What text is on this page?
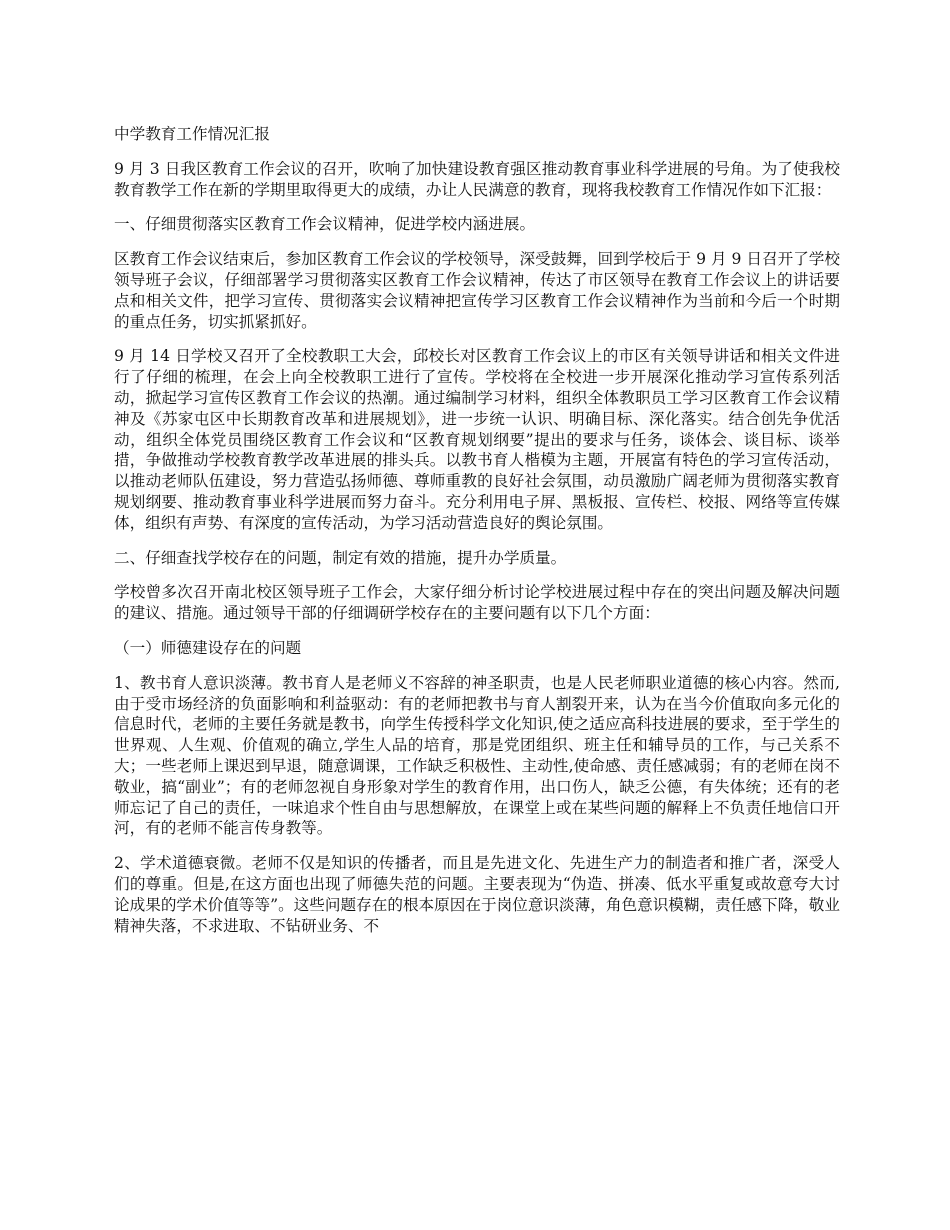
中学教育工作情况汇报

9 月 3 日我区教育工作会议的召开，吹响了加快建设教育强区推动教育事业科学进展的号角。为了使我校教育教学工作在新的学期里取得更大的成绩，办让人民满意的教育，现将我校教育工作情况作如下汇报：

一、仔细贯彻落实区教育工作会议精神，促进学校内涵进展。

区教育工作会议结束后，参加区教育工作会议的学校领导，深受鼓舞，回到学校后于 9 月 9 日召开了学校领导班子会议，仔细部署学习贯彻落实区教育工作会议精神，传达了市区领导在教育工作会议上的讲话要点和相关文件，把学习宣传、贯彻落实会议精神把宣传学习区教育工作会议精神作为当前和今后一个时期的重点任务，切实抓紧抓好。

9 月 14 日学校又召开了全校教职工大会，邱校长对区教育工作会议上的市区有关领导讲话和相关文件进行了仔细的梳理，在会上向全校教职工进行了宣传。学校将在全校进一步开展深化推动学习宣传系列活动，掀起学习宣传区教育工作会议的热潮。通过编制学习材料，组织全体教职员工学习区教育工作会议精神及《苏家屯区中长期教育改革和进展规划》，进一步统一认识、明确目标、深化落实。结合创先争优活动，组织全体党员围绕区教育工作会议和“区教育规划纲要”提出的要求与任务，谈体会、谈目标、谈举措，争做推动学校教育教学改革进展的排头兵。以教书育人楷模为主题，开展富有特色的学习宣传活动，以推动老师队伍建设，努力营造弘扬师德、尊师重教的良好社会氛围，动员激励广阔老师为贯彻落实教育规划纲要、推动教育事业科学进展而努力奋斗。充分利用电子屏、黑板报、宣传栏、校报、网络等宣传媒体，组织有声势、有深度的宣传活动，为学习活动营造良好的舆论氛围。

二、仔细查找学校存在的问题，制定有效的措施，提升办学质量。

学校曾多次召开南北校区领导班子工作会，大家仔细分析讨论学校进展过程中存在的突出问题及解决问题的建议、措施。通过领导干部的仔细调研学校存在的主要问题有以下几个方面：

（一）师德建设存在的问题

1、教书育人意识淡薄。教书育人是老师义不容辞的神圣职责，也是人民老师职业道德的核心内容。然而,由于受市场经济的负面影响和利益驱动：有的老师把教书与育人割裂开来，认为在当今价值取向多元化的信息时代，老师的主要任务就是教书，向学生传授科学文化知识,使之适应高科技进展的要求，至于学生的世界观、人生观、价值观的确立,学生人品的培育，那是党团组织、班主任和辅导员的工作，与己关系不大；一些老师上课迟到早退，随意调课，工作缺乏积极性、主动性,使命感、责任感减弱；有的老师在岗不敬业，搞“副业”；有的老师忽视自身形象对学生的教育作用，出口伤人，缺乏公德，有失体统；还有的老师忘记了自己的责任，一味追求个性自由与思想解放，在课堂上或在某些问题的解释上不负责任地信口开河，有的老师不能言传身教等。

2、学术道德衰微。老师不仅是知识的传播者，而且是先进文化、先进生产力的制造者和推广者，深受人们的尊重。但是,在这方面也出现了师德失范的问题。主要表现为“伪造、拼凑、低水平重复或故意夸大讨论成果的学术价值等等”。这些问题存在的根本原因在于岗位意识淡薄，角色意识模糊，责任感下降，敬业精神失落，不求进取、不钻研业务、不
